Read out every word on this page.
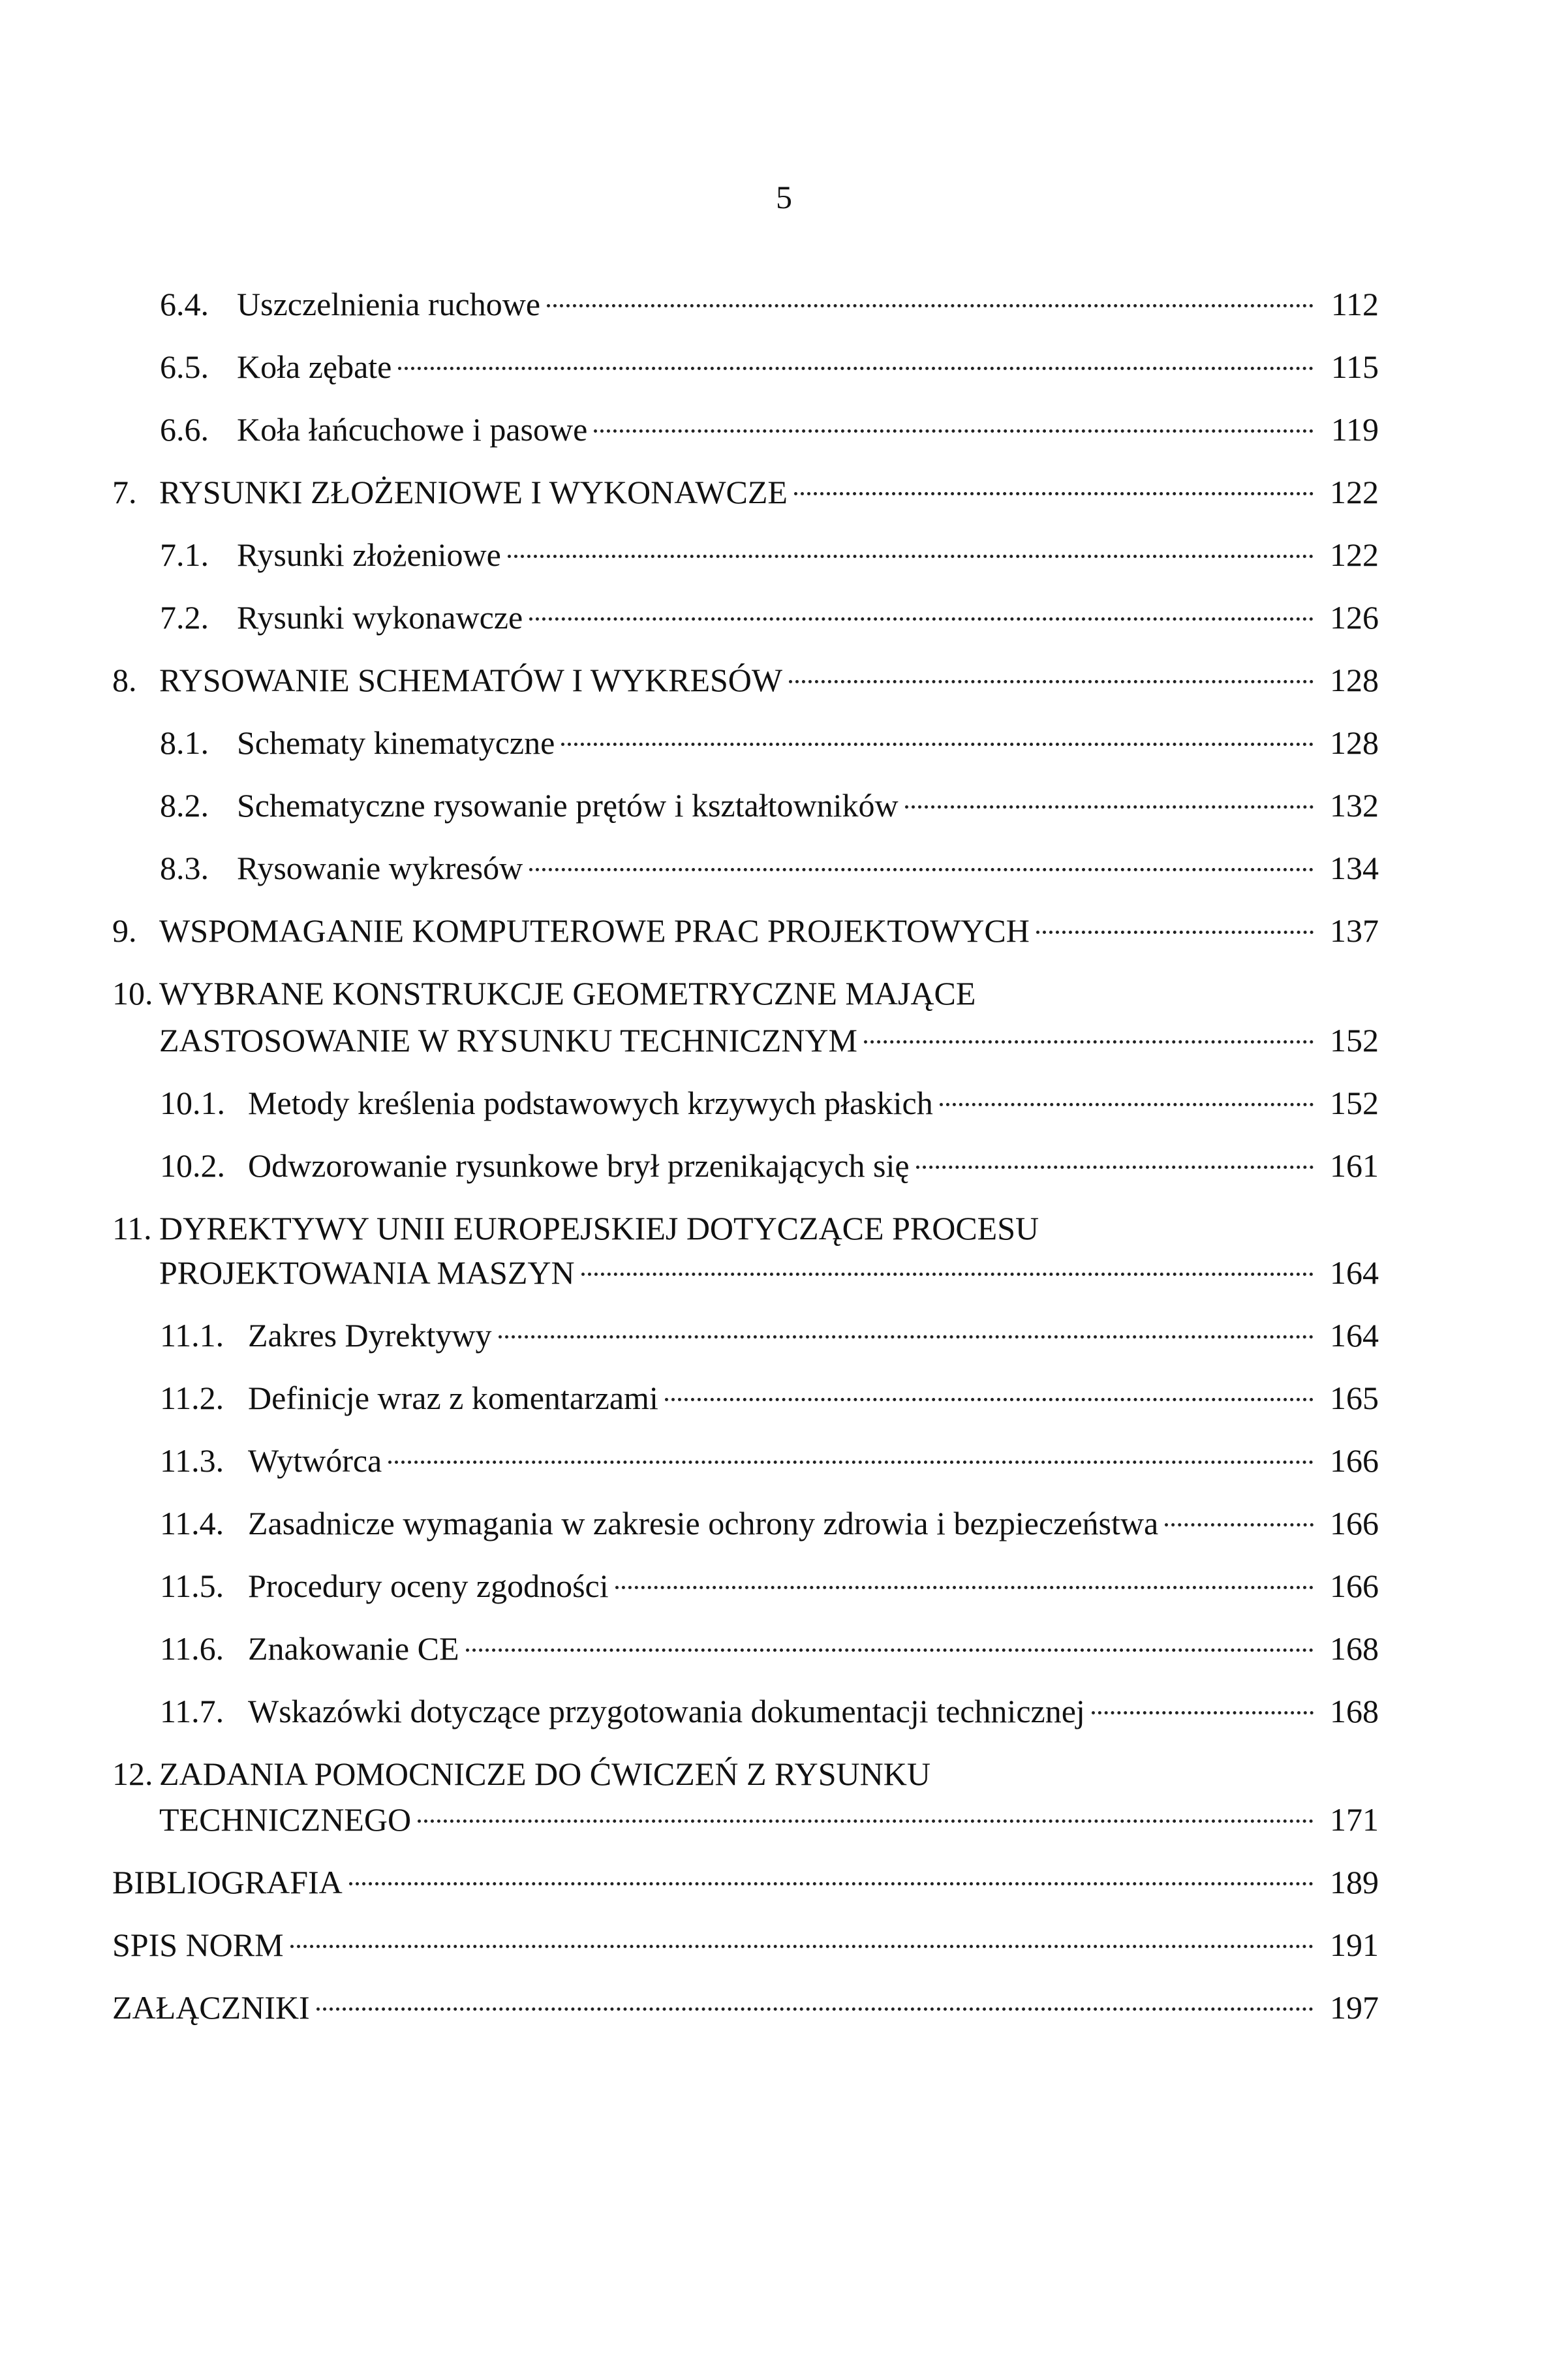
5
6.4. Uszczelnienia ruchowe	112
6.5. Koła zębate	115
6.6. Koła łańcuchowe i pasowe	119
7. RYSUNKI ZŁOŻENIOWE I WYKONAWCZE	122
7.1. Rysunki złożeniowe	122
7.2. Rysunki wykonawcze	126
8. RYSOWANIE SCHEMATÓW I WYKRESÓW	128
8.1. Schematy kinematyczne	128
8.2. Schematyczne rysowanie prętów i kształtowników	132
8.3. Rysowanie wykresów	134
9. WSPOMAGANIE KOMPUTEROWE PRAC PROJEKTOWYCH	137
10. WYBRANE KONSTRUKCJE GEOMETRYCZNE MAJĄCE
ZASTOSOWANIE W RYSUNKU TECHNICZNYM	152
10.1. Metody kreślenia podstawowych krzywych płaskich	152
10.2. Odwzorowanie rysunkowe brył przenikających się	161
11. DYREKTYWY UNII EUROPEJSKIEJ DOTYCZĄCE PROCESU
PROJEKTOWANIA MASZYN	164
11.1. Zakres Dyrektywy	164
11.2. Definicje wraz z komentarzami	165
11.3. Wytwórca	166
11.4. Zasadnicze wymagania w zakresie ochrony zdrowia i bezpieczeństwa	166
11.5. Procedury oceny zgodności	166
11.6. Znakowanie CE	168
11.7. Wskazówki dotyczące przygotowania dokumentacji technicznej	168
12. ZADANIA POMOCNICZE DO ĆWICZEŃ Z RYSUNKU
TECHNICZNEGO	171
BIBLIOGRAFIA	189
SPIS NORM	191
ZAŁĄCZNIKI	197
